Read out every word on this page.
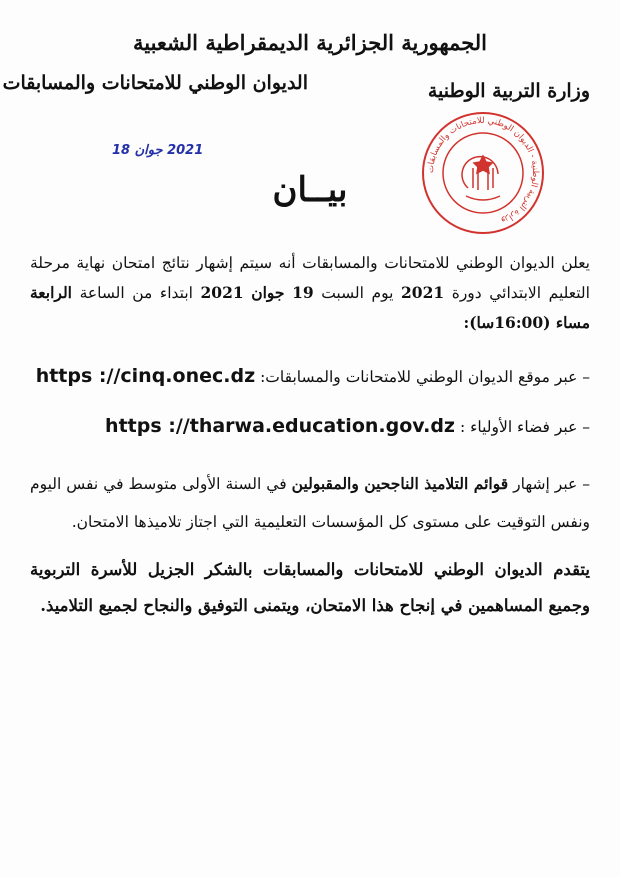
الجمهورية الجزائرية الديمقراطية الشعبية
وزارة التربية الوطنية
الديوان الوطني للامتحانات والمسابقات
2021 جوان 18
وزارة التربية الوطنية - الديوان الوطني للامتحانات والمسابقات
بيــان
يعلن الديوان الوطني للامتحانات والمسابقات أنه سيتم إشهار نتائج امتحان نهاية مرحلة التعليم الابتدائي دورة 2021 يوم السبت 19 جوان 2021 ابتداء من الساعة الرابعة مساء (16:00سا):
– عبر موقع الديوان الوطني للامتحانات والمسابقات: https ://cinq.onec.dz
– عبر فضاء الأولياء : https ://tharwa.education.gov.dz
– عبر إشهار قوائم التلاميذ الناجحين والمقبولين في السنة الأولى متوسط في نفس اليوم ونفس التوقيت على مستوى كل المؤسسات التعليمية التي اجتاز تلاميذها الامتحان.
يتقدم الديوان الوطني للامتحانات والمسابقات بالشكر الجزيل للأسرة التربوية وجميع المساهمين في إنجاح هذا الامتحان، ويتمنى التوفيق والنجاح لجميع التلاميذ.
